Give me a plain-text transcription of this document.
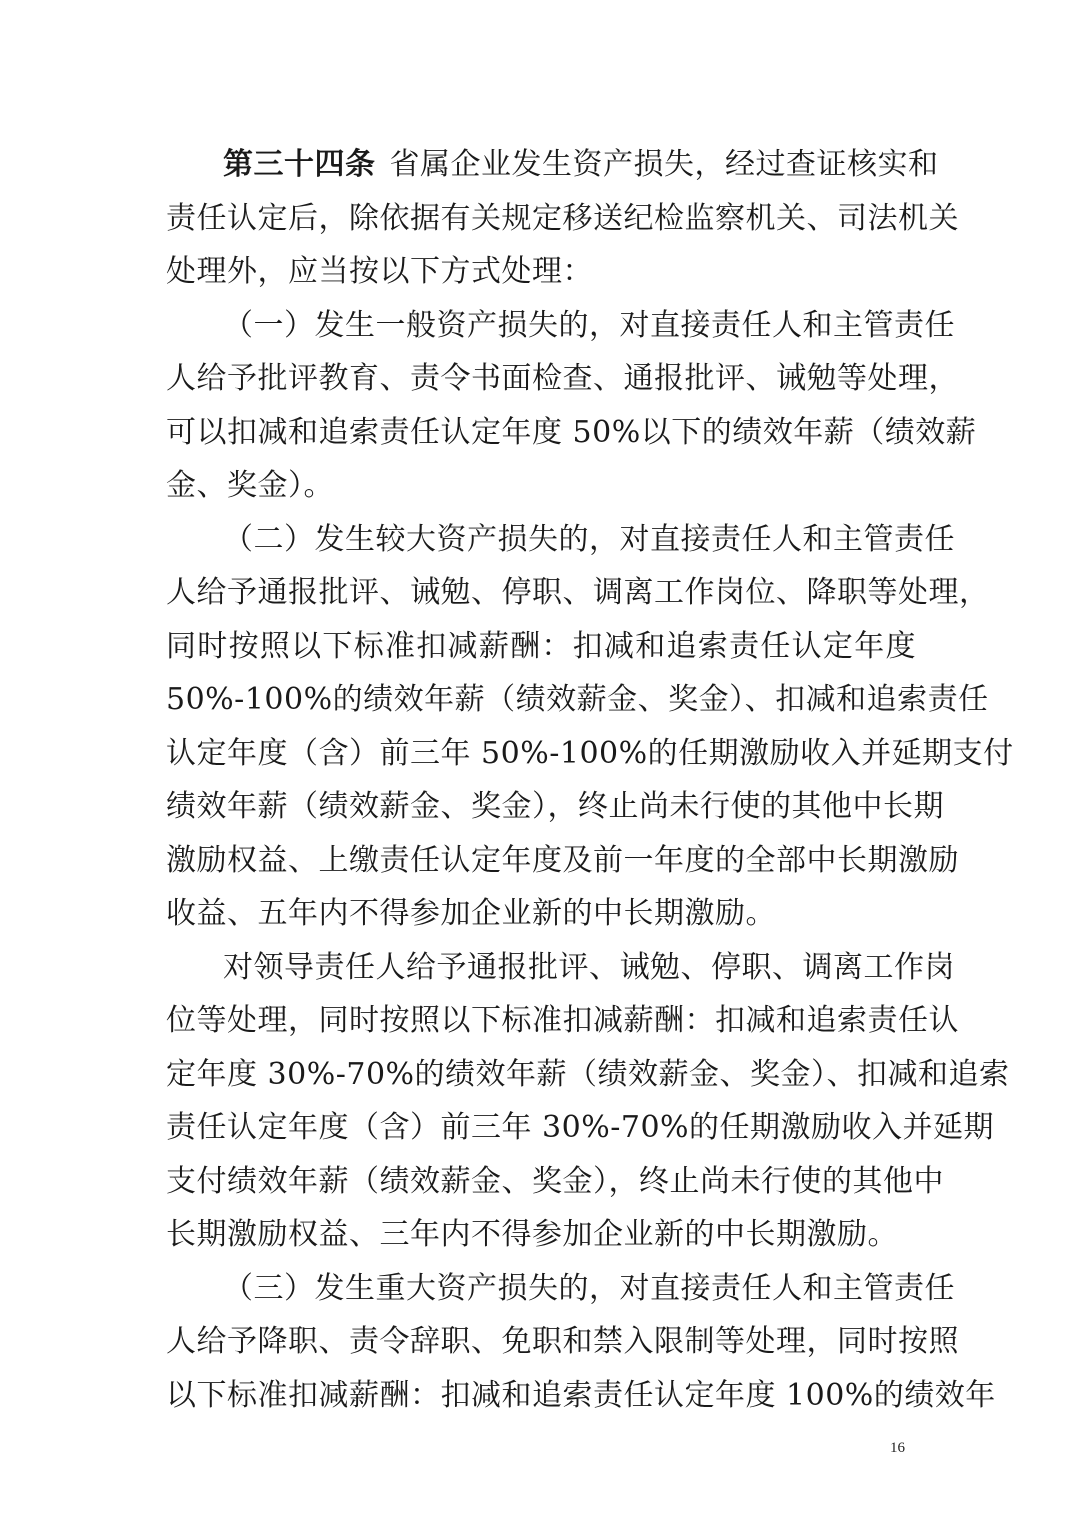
第三十四条 省属企业发生资产损失，经过查证核实和
责任认定后，除依据有关规定移送纪检监察机关、司法机关
处理外，应当按以下方式处理：
（一）发生一般资产损失的，对直接责任人和主管责任
人给予批评教育、责令书面检查、通报批评、诫勉等处理，
可以扣减和追索责任认定年度 50%以下的绩效年薪（绩效薪
金、奖金）。
（二）发生较大资产损失的，对直接责任人和主管责任
人给予通报批评、诫勉、停职、调离工作岗位、降职等处理，
同时按照以下标准扣减薪酬：扣减和追索责任认定年度
50%-100%的绩效年薪（绩效薪金、奖金）、扣减和追索责任
认定年度（含）前三年 50%-100%的任期激励收入并延期支付
绩效年薪（绩效薪金、奖金），终止尚未行使的其他中长期
激励权益、上缴责任认定年度及前一年度的全部中长期激励
收益、五年内不得参加企业新的中长期激励。
对领导责任人给予通报批评、诫勉、停职、调离工作岗
位等处理，同时按照以下标准扣减薪酬：扣减和追索责任认
定年度 30%-70%的绩效年薪（绩效薪金、奖金）、扣减和追索
责任认定年度（含）前三年 30%-70%的任期激励收入并延期
支付绩效年薪（绩效薪金、奖金），终止尚未行使的其他中
长期激励权益、三年内不得参加企业新的中长期激励。
（三）发生重大资产损失的，对直接责任人和主管责任
人给予降职、责令辞职、免职和禁入限制等处理，同时按照
以下标准扣减薪酬：扣减和追索责任认定年度 100%的绩效年
16
